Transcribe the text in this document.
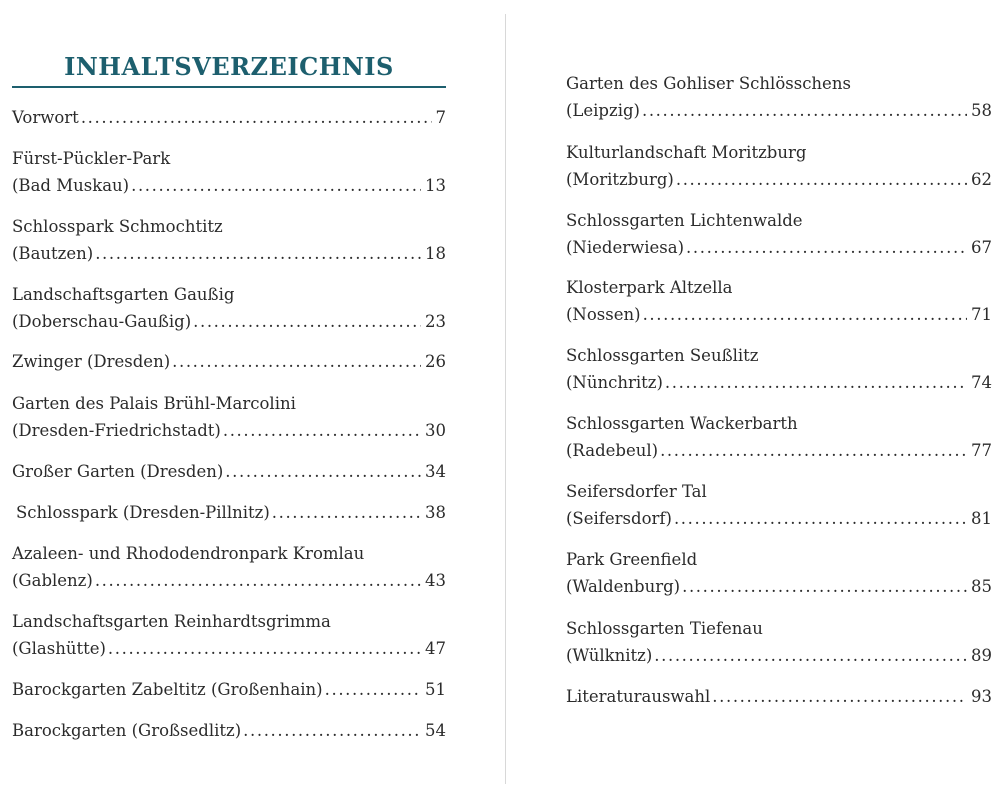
INHALTSVERZEICHNIS
Vorwort .....	7
Fürst-Pückler-Park
(Bad Muskau) .....	13
Schlosspark Schmochtitz
(Bautzen) .....	18
Landschaftsgarten Gaußig
(Doberschau-Gaußig) .....	23
Zwinger (Dresden) .....	26
Garten des Palais Brühl-Marcolini
(Dresden-Friedrichstadt) .....	30
Großer Garten (Dresden) .....	34
Schlosspark (Dresden-Pillnitz) .....	38
Azaleen- und Rhododendronpark Kromlau
(Gablenz) .....	43
Landschaftsgarten Reinhardtsgrimma
(Glashütte) .....	47
Barockgarten Zabeltitz (Großenhain) .....	51
Barockgarten (Großsedlitz) .....	54
Garten des Gohliser Schlösschens
(Leipzig) .....	58
Kulturlandschaft Moritzburg
(Moritzburg) .....	62
Schlossgarten Lichtenwalde
(Niederwiesa) .....	67
Klosterpark Altzella
(Nossen) .....	71
Schlossgarten Seußlitz
(Nünchritz) .....	74
Schlossgarten Wackerbarth
(Radebeul) .....	77
Seifersdorfer Tal
(Seifersdorf) .....	81
Park Greenfield
(Waldenburg) .....	85
Schlossgarten Tiefenau
(Wülknitz) .....	89
Literaturauswahl .....	93
